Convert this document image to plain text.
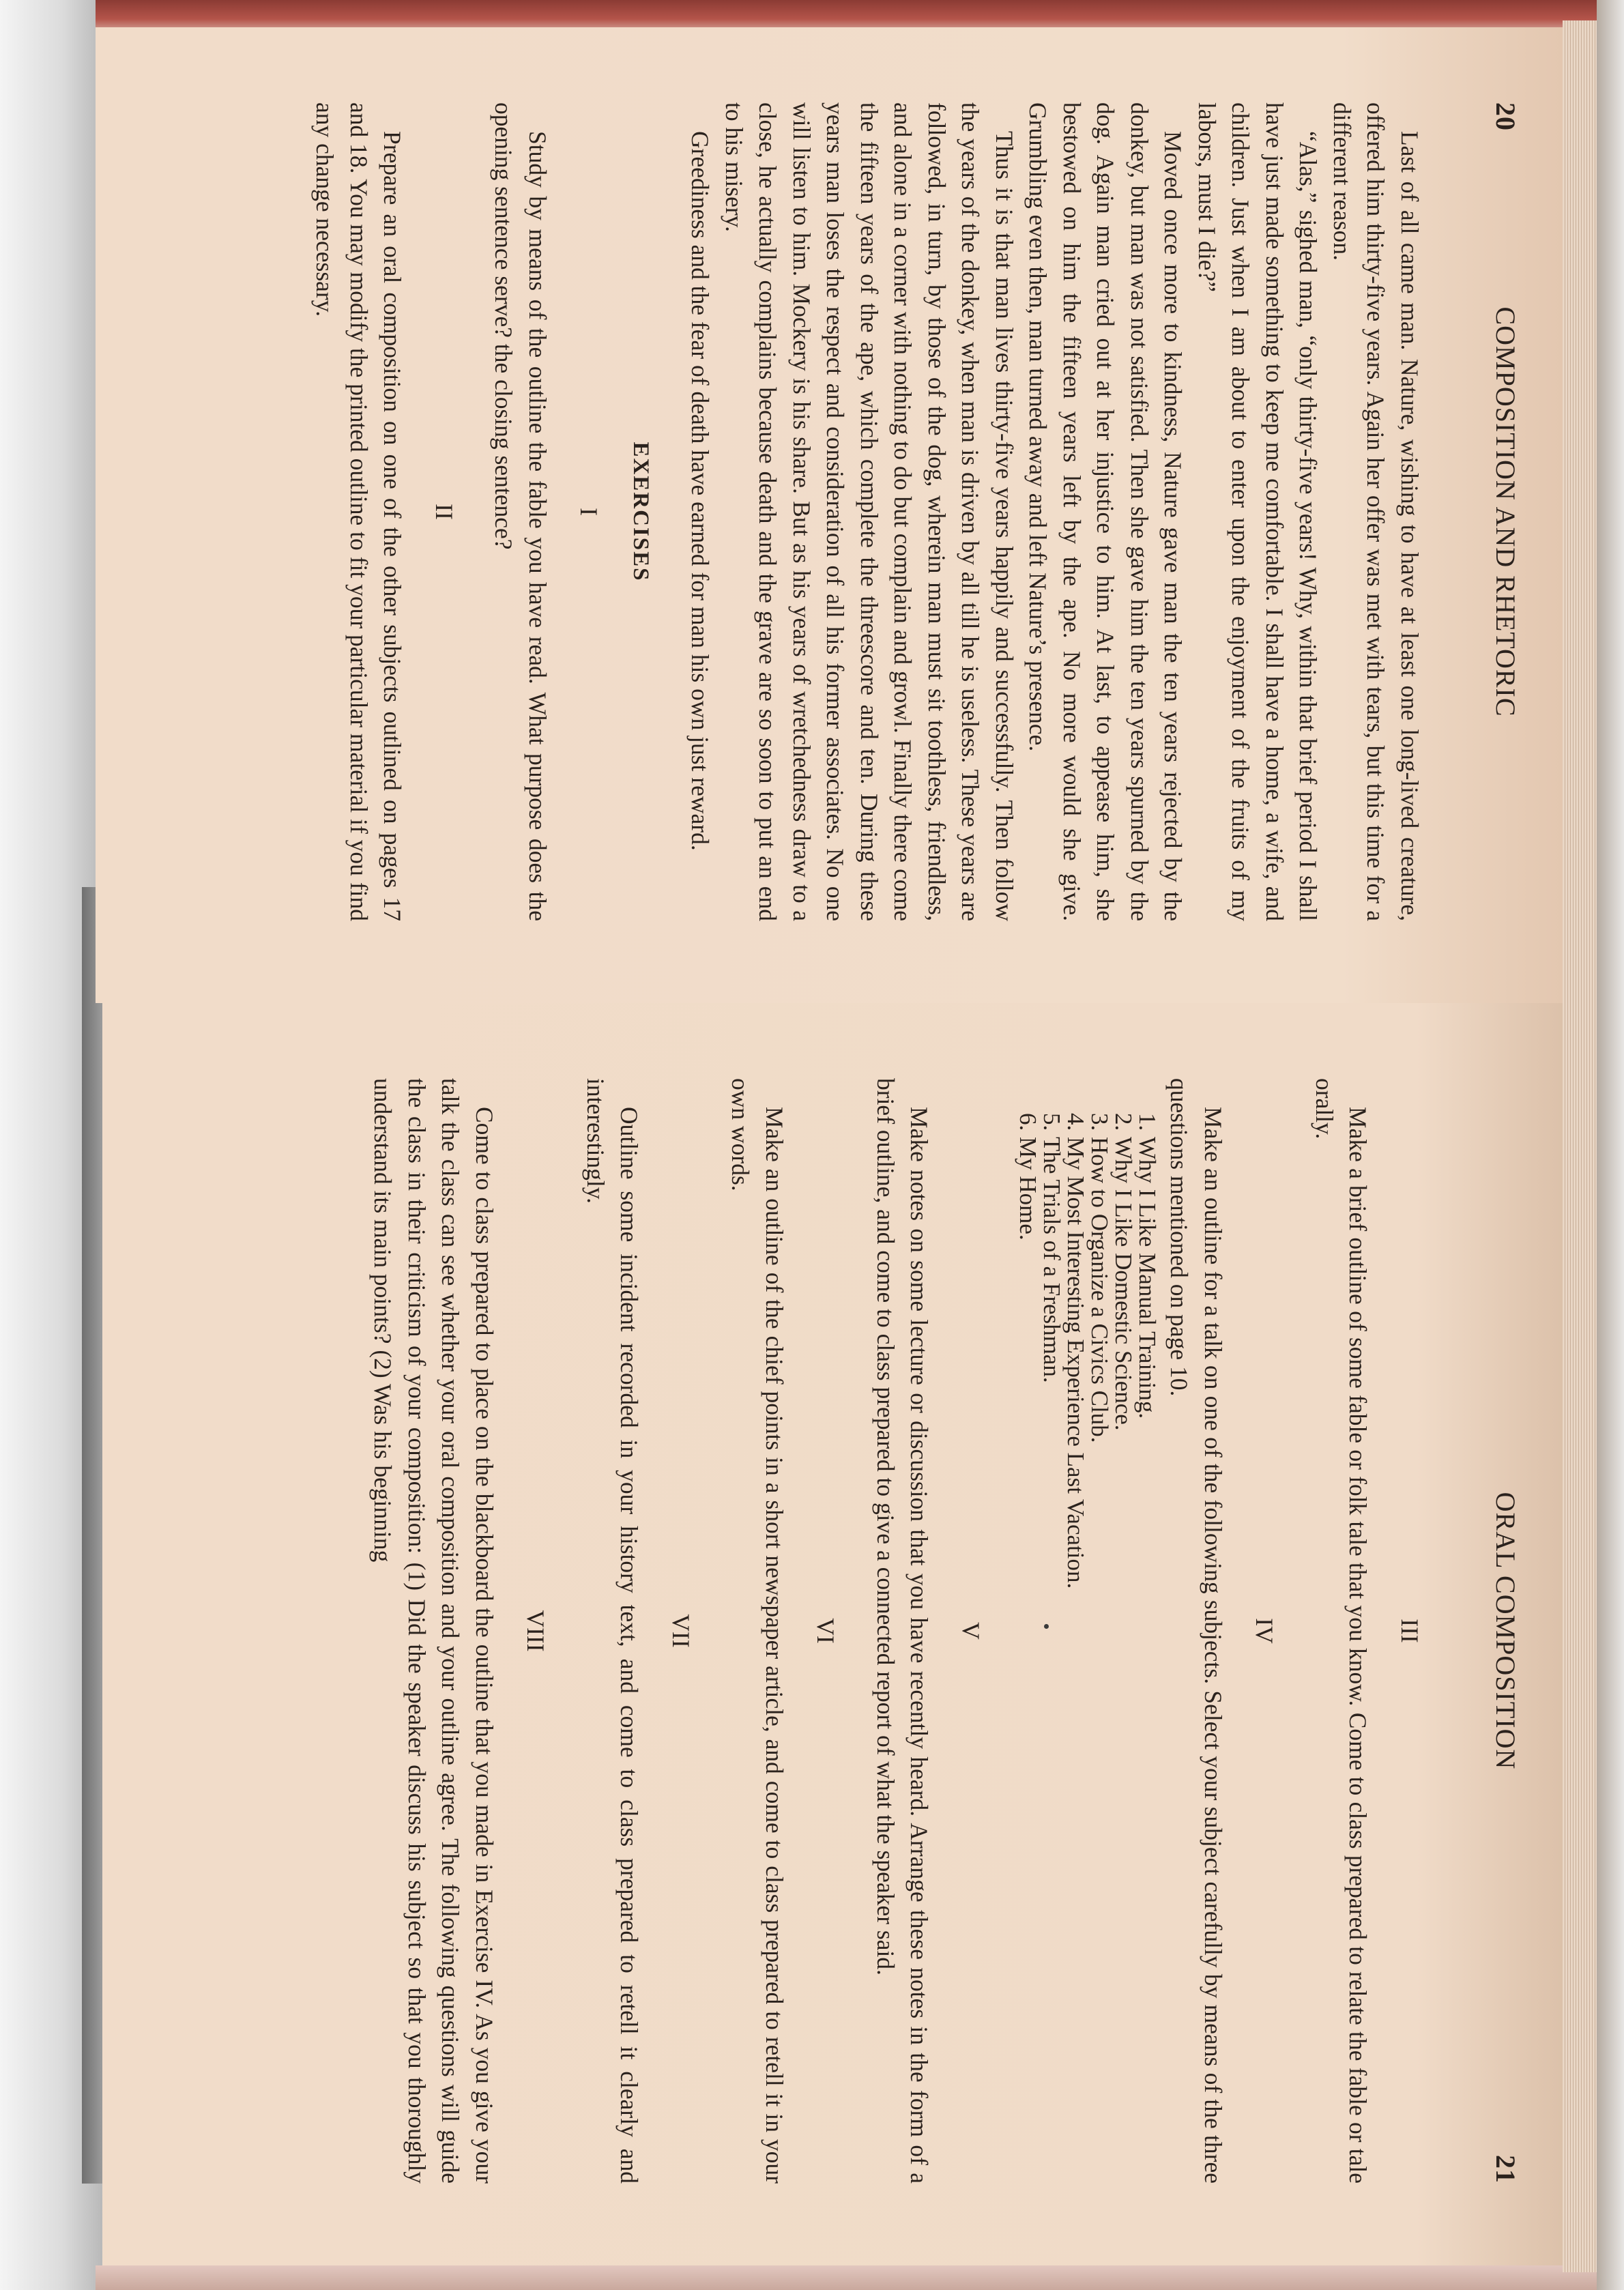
20
COMPOSITION AND RHETORIC

Last of all came man. Nature, wishing to have at least one long-lived creature, offered him thirty-five years. Again her offer was met with tears, but this time for a different reason.

“Alas,” sighed man, “only thirty-five years! Why, within that brief period I shall have just made something to keep me comfortable. I shall have a home, a wife, and children. Just when I am about to enter upon the enjoyment of the fruits of my labors, must I die?”

Moved once more to kindness, Nature gave man the ten years rejected by the donkey, but man was not satisfied. Then she gave him the ten years spurned by the dog. Again man cried out at her injustice to him. At last, to appease him, she bestowed on him the fifteen years left by the ape. No more would she give. Grumbling even then, man turned away and left Nature’s presence.

Thus it is that man lives thirty-five years happily and successfully. Then follow the years of the donkey, when man is driven by all till he is useless. These years are followed, in turn, by those of the dog, wherein man must sit toothless, friendless, and alone in a corner with nothing to do but complain and growl. Finally there come the fifteen years of the ape, which complete the threescore and ten. During these years man loses the respect and consideration of all his former associates. No one will listen to him. Mockery is his share. But as his years of wretchedness draw to a close, he actually complains because death and the grave are so soon to put an end to his misery.

Greediness and the fear of death have earned for man his own just reward.

EXERCISES
I

Study by means of the outline the fable you have read. What purpose does the opening sentence serve? the closing sentence?

II

Prepare an oral composition on one of the other subjects outlined on pages 17 and 18. You may modify the printed outline to fit your particular material if you find any change necessary.

ORAL COMPOSITION
21
III

Make a brief outline of some fable or folk tale that you know. Come to class prepared to relate the fable or tale orally.

IV

Make an outline for a talk on one of the following subjects. Select your subject carefully by means of the three questions mentioned on page 10.

1. Why I Like Manual Training.
2. Why I Like Domestic Science.
3. How to Organize a Civics Club.
4. My Most Interesting Experience Last Vacation.
5. The Trials of a Freshman.
6. My Home.
V

Make notes on some lecture or discussion that you have recently heard. Arrange these notes in the form of a brief outline, and come to class prepared to give a connected report of what the speaker said.

VI

Make an outline of the chief points in a short newspaper article, and come to class prepared to retell it in your own words.

VII

Outline some incident recorded in your history text, and come to class prepared to retell it clearly and interestingly.

VIII

Come to class prepared to place on the blackboard the outline that you made in Exercise IV. As you give your talk the class can see whether your oral composition and your outline agree. The following questions will guide the class in their criticism of your composition: (1) Did the speaker discuss his subject so that you thoroughly understand its main points? (2) Was his beginning
